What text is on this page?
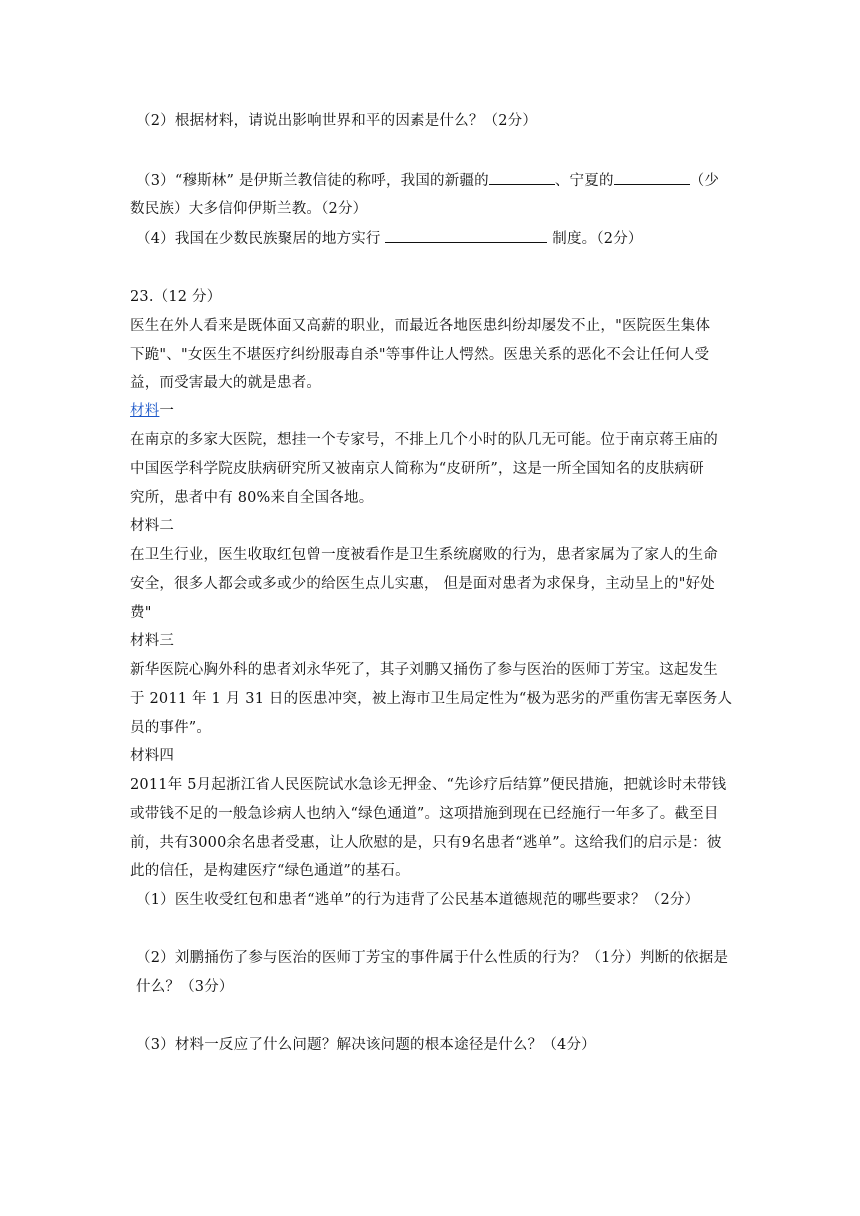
（2）根据材料，请说出影响世界和平的因素是什么？（2分）
（3）“穆斯林” 是伊斯兰教信徒的称呼，我国的新疆的	、宁夏的	（少
数民族）大多信仰伊斯兰教。（2分）
（4）我国在少数民族聚居的地方实行	制度。（2分）
23.（12 分）
医生在外人看来是既体面又高薪的职业，而最近各地医患纠纷却屡发不止，"医院医生集体
下跪"、"女医生不堪医疗纠纷服毒自杀"等事件让人愕然。医患关系的恶化不会让任何人受
益，而受害最大的就是患者。
材料一
在南京的多家大医院，想挂一个专家号，不排上几个小时的队几无可能。位于南京蒋王庙的
中国医学科学院皮肤病研究所又被南京人简称为“皮研所”，这是一所全国知名的皮肤病研
究所，患者中有 80%来自全国各地。
材料二
在卫生行业，医生收取红包曾一度被看作是卫生系统腐败的行为，患者家属为了家人的生命
安全，很多人都会或多或少的给医生点儿实惠， 但是面对患者为求保身，主动呈上的"好处
费"
材料三
新华医院心胸外科的患者刘永华死了，其子刘鹏又捅伤了参与医治的医师丁芳宝。这起发生
于 2011 年 1 月 31 日的医患冲突，被上海市卫生局定性为“极为恶劣的严重伤害无辜医务人
员的事件”。
材料四
2011年 5月起浙江省人民医院试水急诊无押金、“先诊疗后结算”便民措施，把就诊时未带钱
或带钱不足的一般急诊病人也纳入“绿色通道”。这项措施到现在已经施行一年多了。截至目
前，共有3000余名患者受惠，让人欣慰的是，只有9名患者“逃单”。这给我们的启示是：彼
此的信任，是构建医疗“绿色通道”的基石。
（1）医生收受红包和患者“逃单”的行为违背了公民基本道德规范的哪些要求？（2分）
（2）刘鹏捅伤了参与医治的医师丁芳宝的事件属于什么性质的行为？（1分）判断的依据是
什么？（3分）
（3）材料一反应了什么问题？解决该问题的根本途径是什么？（4分）
